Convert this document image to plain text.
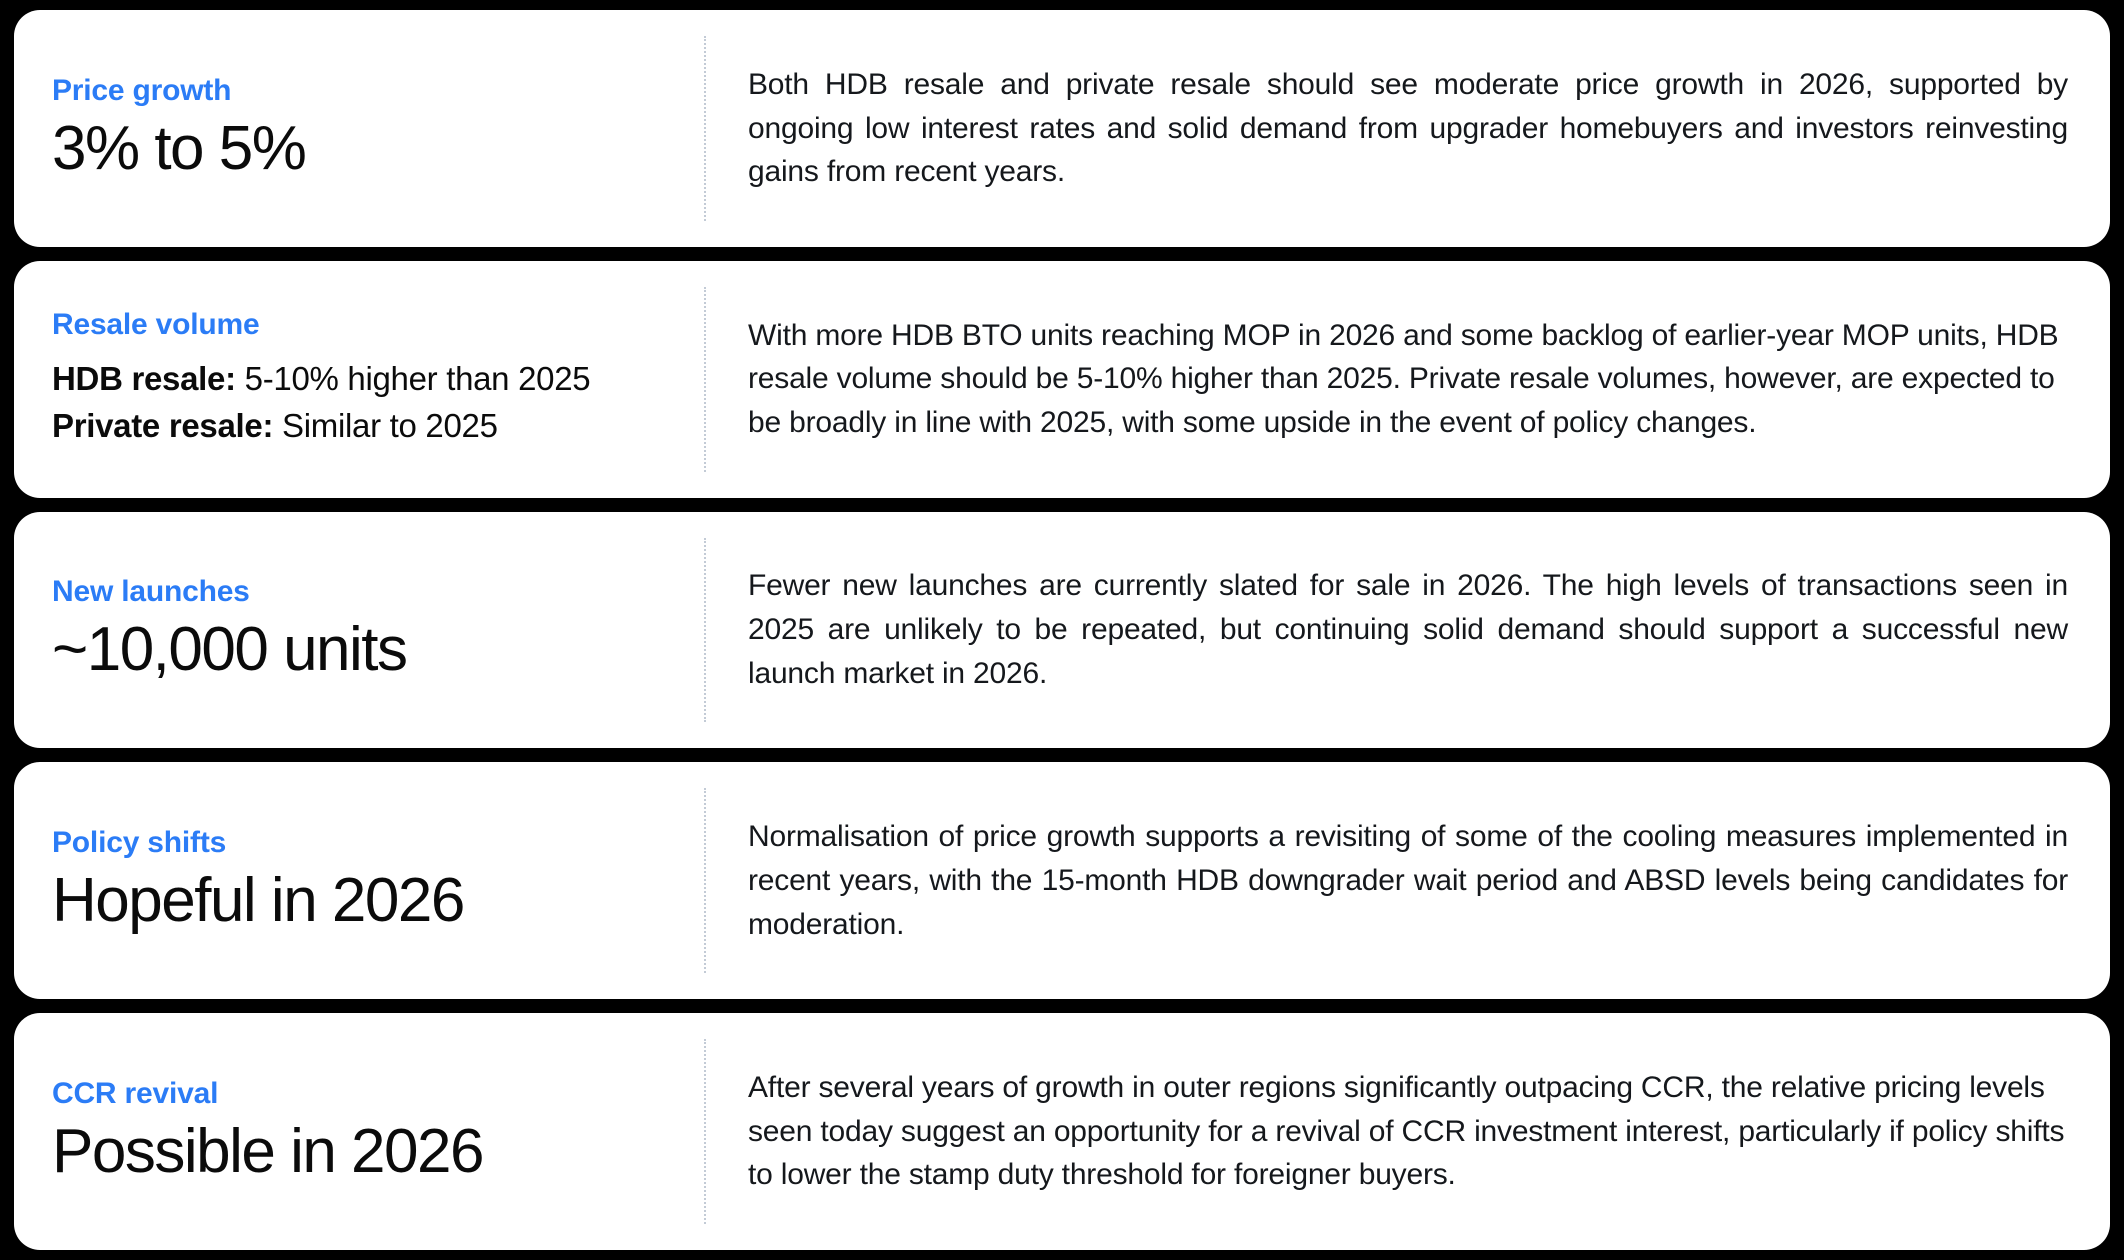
Price growth
3% to 5%
Both HDB resale and private resale should see moderate price growth in 2026, supported by ongoing low interest rates and solid demand from upgrader homebuyers and investors reinvesting gains from recent years.
Resale volume
HDB resale: 5-10% higher than 2025
Private resale: Similar to 2025
With more HDB BTO units reaching MOP in 2026 and some backlog of earlier-year MOP units, HDB resale volume should be 5-10% higher than 2025. Private resale volumes, however, are expected to be broadly in line with 2025, with some upside in the event of policy changes.
New launches
~10,000 units
Fewer new launches are currently slated for sale in 2026. The high levels of transactions seen in 2025 are unlikely to be repeated, but continuing solid demand should support a successful new launch market in 2026.
Policy shifts
Hopeful in 2026
Normalisation of price growth supports a revisiting of some of the cooling measures implemented in recent years, with the 15-month HDB downgrader wait period and ABSD levels being candidates for moderation.
CCR revival
Possible in 2026
After several years of growth in outer regions significantly outpacing CCR, the relative pricing levels seen today suggest an opportunity for a revival of CCR investment interest, particularly if policy shifts to lower the stamp duty threshold for foreigner buyers.
